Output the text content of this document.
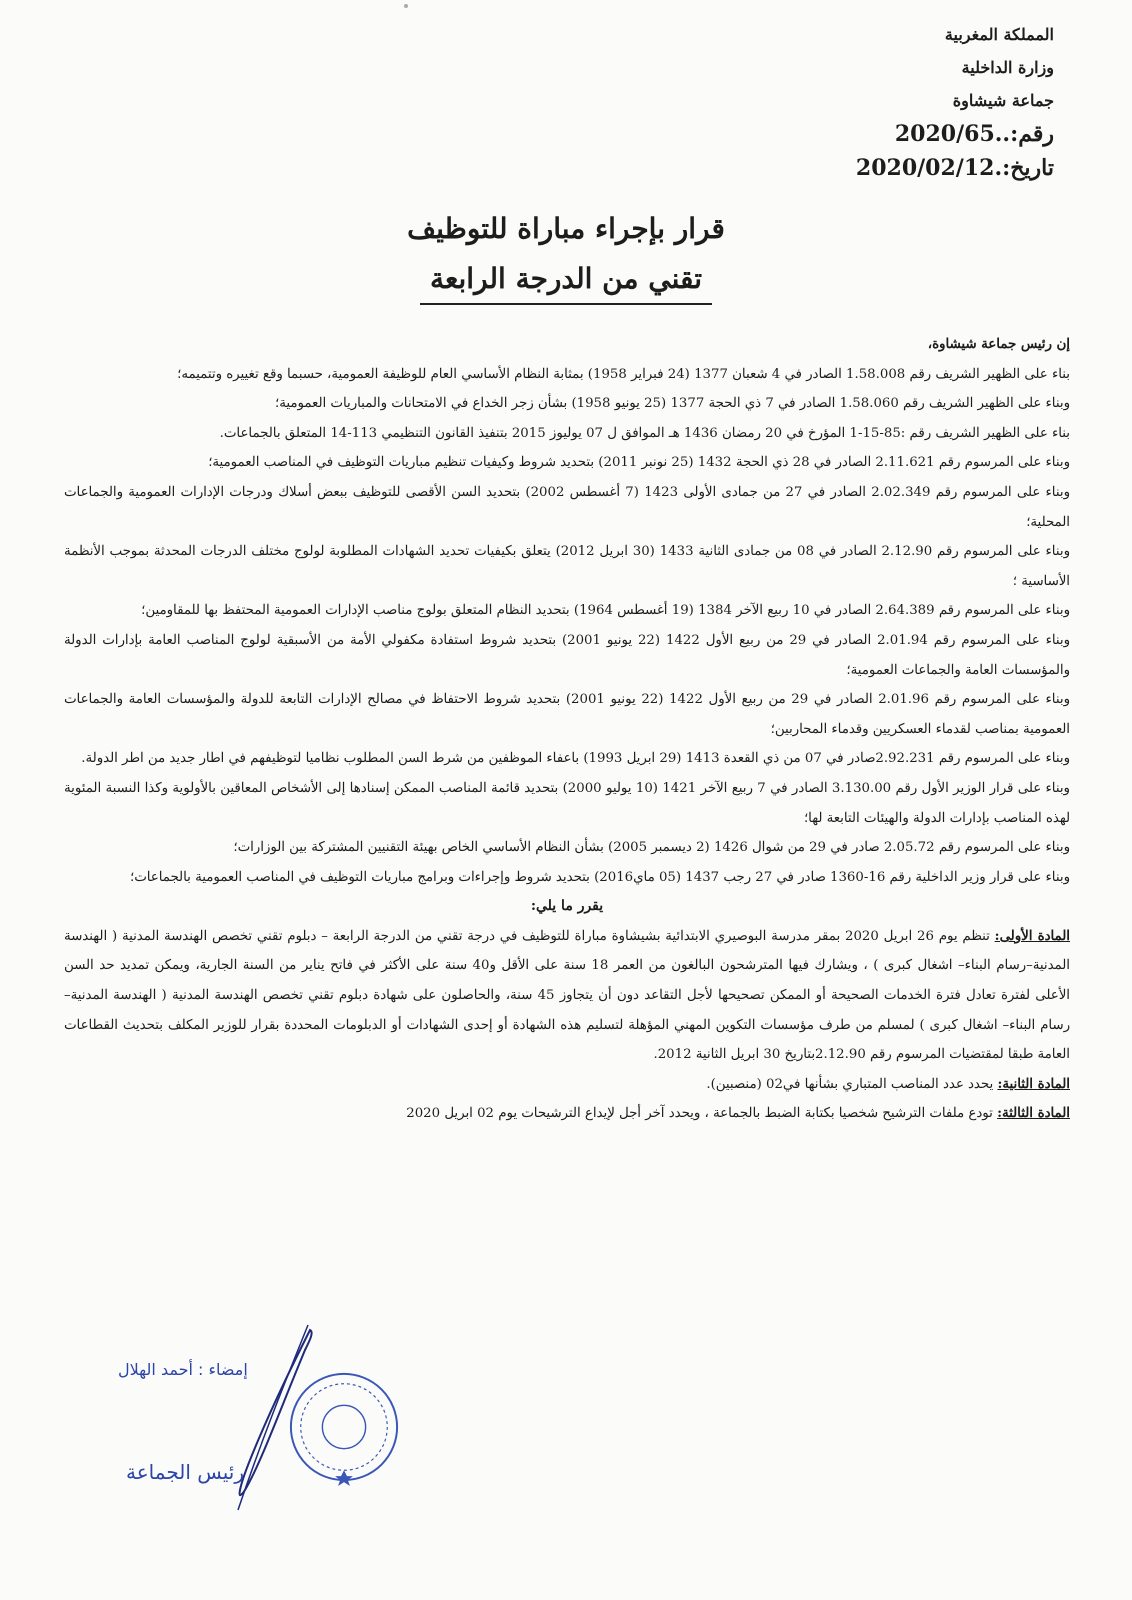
المملكة المغربية
وزارة الداخلية
جماعة شيشاوة
رقم:..2020/65
تاريخ:.2020/02/12
قرار بإجراء مباراة للتوظيف
تقني من الدرجة الرابعة

إن رئيس جماعة شيشاوة،

بناء على الظهير الشريف رقم 1.58.008 الصادر في 4 شعبان 1377 (24 فبراير 1958) بمثابة النظام الأساسي العام للوظيفة العمومية، حسبما وقع تغييره وتتميمه؛

وبناء على الظهير الشريف رقم 1.58.060 الصادر في 7 ذي الحجة 1377 (25 يونيو 1958) بشأن زجر الخداع في الامتحانات والمباريات العمومية؛

بناء على الظهير الشريف رقم :85-15-1 المؤرخ في 20 رمضان 1436 هـ الموافق ل 07 يوليوز 2015 بتنفيذ القانون التنظيمي 113-14 المتعلق بالجماعات.

وبناء على المرسوم رقم 2.11.621 الصادر في 28 ذي الحجة 1432 (25 نونبر 2011) بتحديد شروط وكيفيات تنظيم مباريات التوظيف في المناصب العمومية؛

وبناء على المرسوم رقم 2.02.349 الصادر في 27 من جمادى الأولى 1423 (7 أغسطس 2002) بتحديد السن الأقصى للتوظيف ببعض أسلاك ودرجات الإدارات العمومية والجماعات المحلية؛

وبناء على المرسوم رقم 2.12.90 الصادر في 08 من جمادى الثانية 1433 (30 ابريل 2012) يتعلق بكيفيات تحديد الشهادات المطلوبة لولوج مختلف الدرجات المحدثة بموجب الأنظمة الأساسية ؛

وبناء على المرسوم رقم 2.64.389 الصادر في 10 ربيع الآخر 1384 (19 أغسطس 1964) بتحديد النظام المتعلق بولوج مناصب الإدارات العمومية المحتفظ بها للمقاومين؛

وبناء على المرسوم رقم 2.01.94 الصادر في 29 من ربيع الأول 1422 (22 يونيو 2001) بتحديد شروط استفادة مكفولي الأمة من الأسبقية لولوج المناصب العامة بإدارات الدولة والمؤسسات العامة والجماعات العمومية؛

وبناء على المرسوم رقم 2.01.96 الصادر في 29 من ربيع الأول 1422 (22 يونيو 2001) بتحديد شروط الاحتفاظ في مصالح الإدارات التابعة للدولة والمؤسسات العامة والجماعات العمومية بمناصب لقدماء العسكريين وقدماء المحاربين؛

وبناء على المرسوم رقم 2.92.231صادر في 07 من ذي القعدة 1413 (29 ابريل 1993) باعفاء الموظفين من شرط السن المطلوب نظاميا لتوظيفهم في اطار جديد من اطر الدولة.

وبناء على قرار الوزير الأول رقم 3.130.00 الصادر في 7 ربيع الآخر 1421 (10 يوليو 2000) بتحديد قائمة المناصب الممكن إسنادها إلى الأشخاص المعاقين بالأولوية وكذا النسبة المئوية لهذه المناصب بإدارات الدولة والهيئات التابعة لها؛

وبناء على المرسوم رقم 2.05.72 صادر في 29 من شوال 1426 (2 ديسمبر 2005) بشأن النظام الأساسي الخاص بهيئة التقنيين المشتركة بين الوزارات؛

وبناء على قرار وزير الداخلية رقم 16-1360 صادر في 27 رجب 1437 (05 ماي2016) بتحديد شروط وإجراءات وبرامج مباريات التوظيف في المناصب العمومية بالجماعات؛

يقرر ما يلي:

المادة الأولى: تنظم يوم 26 ابريل 2020 بمقر مدرسة البوصيري الابتدائية بشيشاوة مباراة للتوظيف في درجة تقني من الدرجة الرابعة – دبلوم تقني تخصص الهندسة المدنية ( الهندسة المدنية–رسام البناء– اشغال كبرى ) ، ويشارك فيها المترشحون البالغون من العمر 18 سنة على الأقل و40 سنة على الأكثر في فاتح يناير من السنة الجارية، ويمكن تمديد حد السن الأعلى لفترة تعادل فترة الخدمات الصحيحة أو الممكن تصحيحها لأجل التقاعد دون أن يتجاوز 45 سنة، والحاصلون على شهادة دبلوم تقني تخصص الهندسة المدنية ( الهندسة المدنية–رسام البناء– اشغال كبرى ) لمسلم من طرف مؤسسات التكوين المهني المؤهلة لتسليم هذه الشهادة أو إحدى الشهادات أو الدبلومات المحددة بقرار للوزير المكلف بتحديث القطاعات العامة طبقا لمقتضيات المرسوم رقم 2.12.90بتاريخ 30 ابريل الثانية 2012.

المادة الثانية: يحدد عدد المناصب المتباري بشأنها في02 (منصبين).

المادة الثالثة: تودع ملفات الترشيح شخصيا بكتابة الضبط بالجماعة ، ويحدد آخر أجل لإيداع الترشيحات يوم 02 ابريل 2020

إمضاء : أحمد الهلال
رئيس الجماعة
